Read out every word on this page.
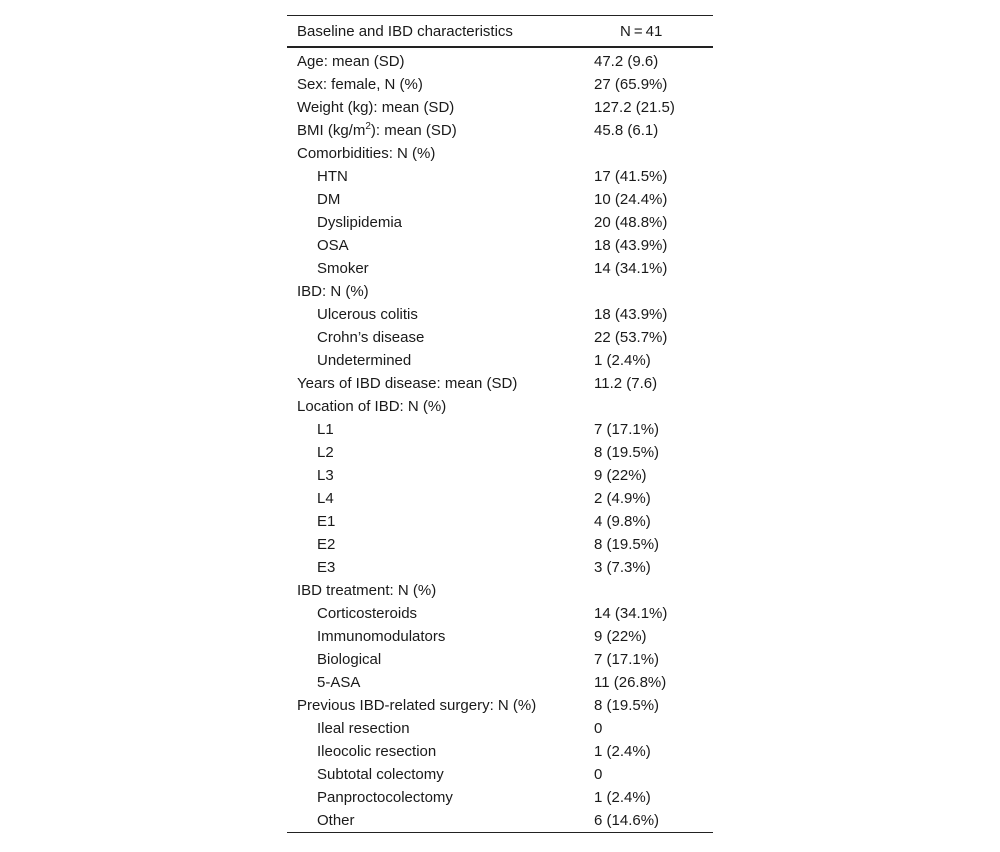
Baseline and IBD characteristics	N = 41
Age: mean (SD)	47.2 (9.6)
Sex: female, N (%)	27 (65.9%)
Weight (kg): mean (SD)	127.2 (21.5)
BMI $(kg/m^2)$: mean (SD)	45.8 (6.1)
Comorbidities: N (%)	
HTN	17 (41.5%)
DM	10 (24.4%)
Dyslipidemia	20 (48.8%)
OSA	18 (43.9%)
Smoker	14 (34.1%)
IBD: N (%)	
Ulcerous colitis	18 (43.9%)
Crohn’s disease	22 (53.7%)
Undetermined	1 (2.4%)
Years of IBD disease: mean (SD)	11.2 (7.6)
Location of IBD: N (%)	
L1	7 (17.1%)
L2	8 (19.5%)
L3	9 (22%)
L4	2 (4.9%)
E1	4 (9.8%)
E2	8 (19.5%)
E3	3 (7.3%)
IBD treatment: N (%)	
Corticosteroids	14 (34.1%)
Immunomodulators	9 (22%)
Biological	7 (17.1%)
5-ASA	11 (26.8%)
Previous IBD-related surgery: N (%)	8 (19.5%)
Ileal resection	0
Ileocolic resection	1 (2.4%)
Subtotal colectomy	0
Panproctocolectomy	1 (2.4%)
Other	6 (14.6%)
